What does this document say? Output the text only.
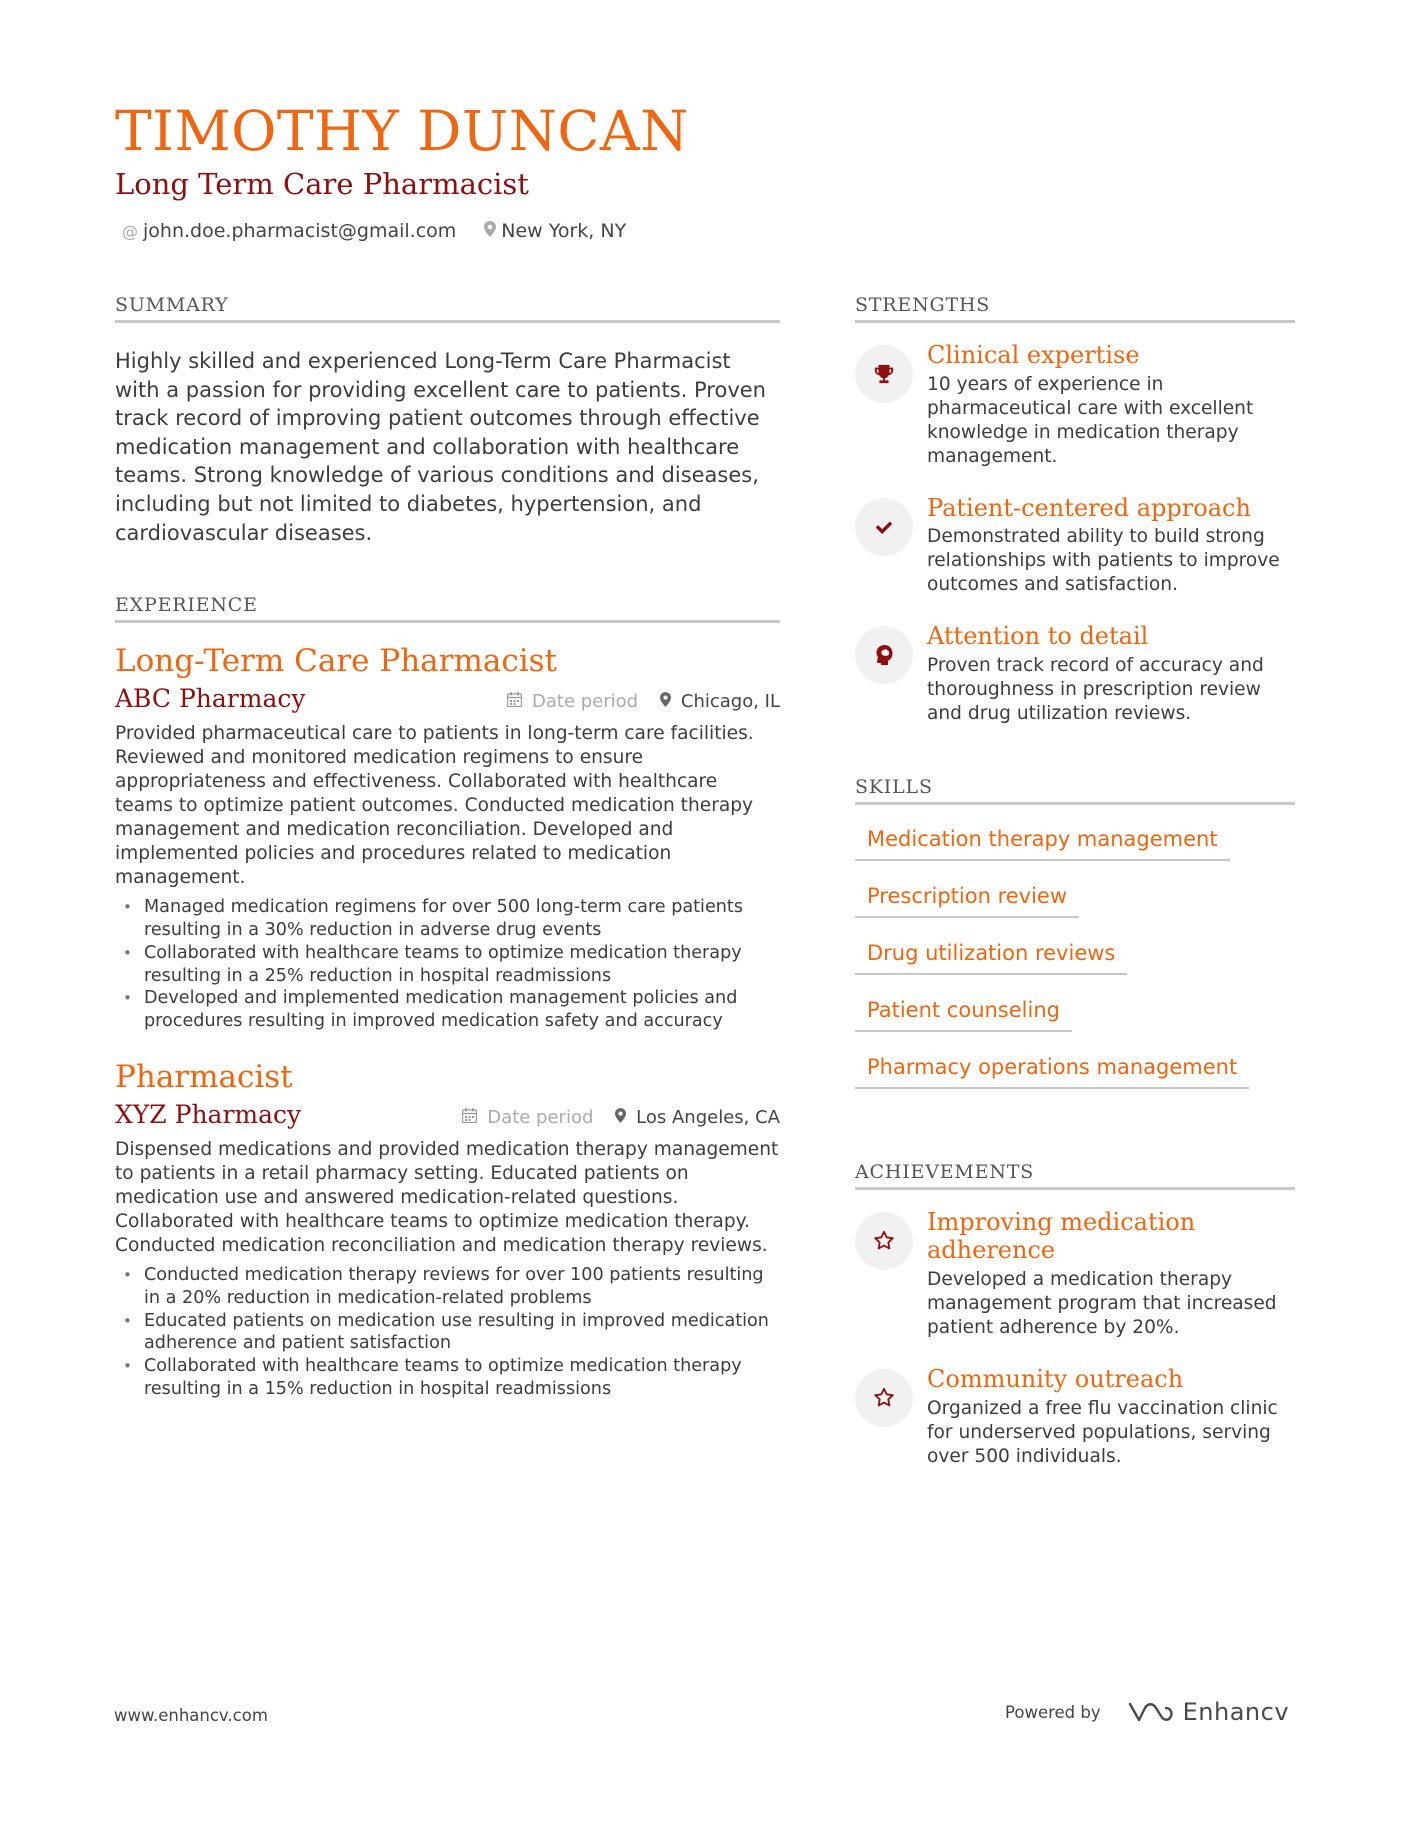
TIMOTHY DUNCAN
Long Term Care Pharmacist
@ john.doe.pharmacist@gmail.com New York, NY
SUMMARY

Highly skilled and experienced Long-Term Care Pharmacist with a passion for providing excellent care to patients. Proven track record of improving patient outcomes through effective medication management and collaboration with healthcare teams. Strong knowledge of various conditions and diseases, including but not limited to diabetes, hypertension, and cardiovascular diseases.

EXPERIENCE
Long-Term Care Pharmacist
ABC Pharmacy	Date period	Chicago, IL

Provided pharmaceutical care to patients in long-term care facilities. Reviewed and monitored medication regimens to ensure appropriateness and effectiveness. Collaborated with healthcare teams to optimize patient outcomes. Conducted medication therapy management and medication reconciliation. Developed and implemented policies and procedures related to medication management.

• Managed medication regimens for over 500 long-term care patients resulting in a 30% reduction in adverse drug events
• Collaborated with healthcare teams to optimize medication therapy resulting in a 25% reduction in hospital readmissions
• Developed and implemented medication management policies and procedures resulting in improved medication safety and accuracy
Pharmacist
XYZ Pharmacy	Date period	Los Angeles, CA

Dispensed medications and provided medication therapy management to patients in a retail pharmacy setting. Educated patients on medication use and answered medication-related questions. Collaborated with healthcare teams to optimize medication therapy. Conducted medication reconciliation and medication therapy reviews.

• Conducted medication therapy reviews for over 100 patients resulting in a 20% reduction in medication-related problems
• Educated patients on medication use resulting in improved medication adherence and patient satisfaction
• Collaborated with healthcare teams to optimize medication therapy resulting in a 15% reduction in hospital readmissions
STRENGTHS
Clinical expertise

10 years of experience in pharmaceutical care with excellent knowledge in medication therapy management.

Patient-centered approach

Demonstrated ability to build strong relationships with patients to improve outcomes and satisfaction.

Attention to detail

Proven track record of accuracy and thoroughness in prescription review and drug utilization reviews.

SKILLS
Medication therapy management
Prescription review
Drug utilization reviews
Patient counseling
Pharmacy operations management
ACHIEVEMENTS
Improving medication adherence

Developed a medication therapy management program that increased patient adherence by 20%.

Community outreach

Organized a free flu vaccination clinic for underserved populations, serving over 500 individuals.

www.enhancv.com	Powered by	Enhancv
